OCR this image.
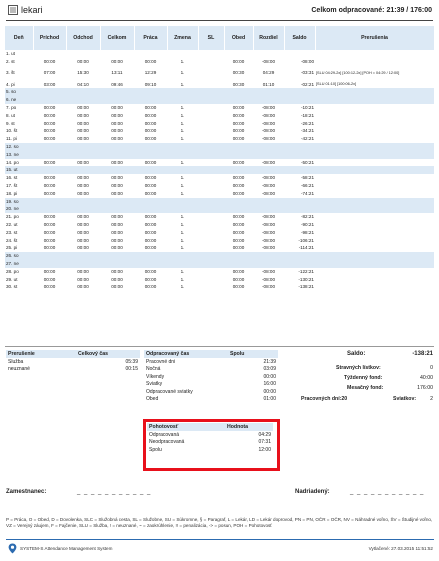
lekari	Celkom odpracované: 21:39 / 176:00
Deň	Príchod	Odchod	Celkom	Práca	Zmena	SL	Obed	Rozdiel	Saldo	Prerušenia
1. ut										
2. st	00:00	00:00	00:00	00:00	1.		00:00	-08:00	-08:00	
3. št	07:00	15:30	13:11	12:29	1.		00:30	04:29	-03:31	[SLU 04:29-2x] [100:12-2x] [POH = 04:29 / 12:00]
4. pi	03:00	04:10	09:46	09:10	1.		00:30	01:10	-02:21	[SLU 01:10] [100:06-2x]
5. so										
6. ne										
7. po	00:00	00:00	00:00	00:00	1.		00:00	-08:00	-10:21	
8. ut	00:00	00:00	00:00	00:00	1.		00:00	-08:00	-18:21	
9. st	00:00	00:00	00:00	00:00	1.		00:00	-08:00	-26:21	
10. št	00:00	00:00	00:00	00:00	1.		00:00	-08:00	-34:21	
11. pi	00:00	00:00	00:00	00:00	1.		00:00	-08:00	-42:21	
12. so										
13. ne										
14. po	00:00	00:00	00:00	00:00	1.		00:00	-08:00	-50:21	
15. ut										
16. st	00:00	00:00	00:00	00:00	1.		00:00	-08:00	-58:21	
17. št	00:00	00:00	00:00	00:00	1.		00:00	-08:00	-66:21	
18. pi	00:00	00:00	00:00	00:00	1.		00:00	-08:00	-74:21	
19. so										
20. ne										
21. po	00:00	00:00	00:00	00:00	1.		00:00	-08:00	-82:21	
22. ut	00:00	00:00	00:00	00:00	1.		00:00	-08:00	-90:21	
23. st	00:00	00:00	00:00	00:00	1.		00:00	-08:00	-98:21	
24. št	00:00	00:00	00:00	00:00	1.		00:00	-08:00	-106:21	
25. pi	00:00	00:00	00:00	00:00	1.		00:00	-08:00	-114:21	
26. so										
27. ne										
28. po	00:00	00:00	00:00	00:00	1.		00:00	-08:00	-122:21	
29. ut	00:00	00:00	00:00	00:00	1.		00:00	-08:00	-130:21	
30. st	00:00	00:00	00:00	00:00	1.		00:00	-08:00	-138:21	
Prerušenie	Celkový čas
Služba	05:39
neuznané	00:15
Odpracovaný čas	Spolu
Pracovné dni	21:39
Nočná	03:09
Víkendy	00:00
Sviatky	16:00
Odpracované sviatky	00:00
Obed	01:00
Pohotovosť	Hodnota
Odpracovaná	04:29
Neodpracovaná	07:31
Spolu	12:00
Saldo:	-138:21
Stravných lístkov:	0
Týždenný fond:	40:00
Mesačný fond:	176:00
Pracovných dní:20	Sviatkov:	2
Zamestnanec:	_ _ _ _ _ _ _ _ _ _ _	Nadriadený:	_ _ _ _ _ _ _ _ _ _ _
P = Práca, O = Obed, D = Dovolenka, SLC = Služobná cesta, SL = Služobne, SU = Súkromne, § = Paragraf, L = Lekár, LD = Lekár doprovod, PN = PN, OČR = OČR, NV = Náhradné voľno, ŠV = Študijné voľno, VZ = Verejný záujem, F = Fajčenie, SLU = Služba, ! = neuznané, ~ = zaokrúhlenie, !! = penalizácia, -> = posun, POH = Pohotovosť
SYSTEM-S Attendance Management System	Vytlačené: 27.03.2015 11:51:52
